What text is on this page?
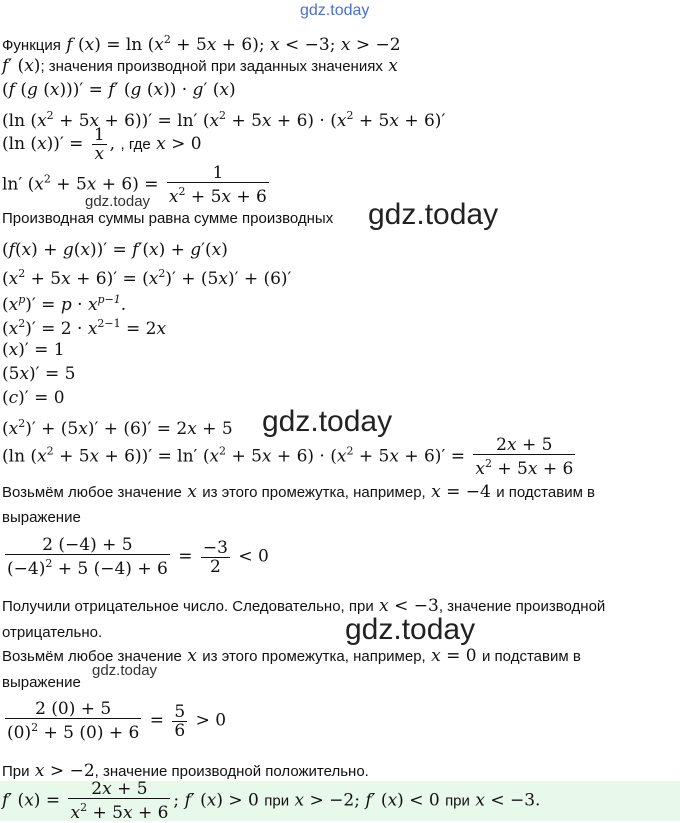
gdz.today
gdz.today
gdz.today
gdz.today
gdz.today
gdz.today
Функция f $(x) = \ln (x^2 + 5x + 6)$; x < −3; x > −2
f′ (x); значения производной при заданных значениях x
(f (g (x)))′ = f′ (g (x)) · g′ (x)
(ln $(x^2 + 5x + 6))' = \ln'$ $(x^2 + 5x + 6) \cdot (x^2 + 5x + 6)'$
(ln $(x))' = \frac{1}{x}$ , , где x > 0
ln′ $(x^2 + 5x + 6) = \frac{1}{x^2 + 5x + 6}$
Производная суммы равна сумме производных
(f(x) + g(x))′ = f′(x) + g′(x)
$(x^2 + 5x + 6)' = (x^2)' + (5x)' + (6)'$
$(x^p)' = p \cdot x^{p-1}$.
$(x^2)' = 2 \cdot x^{2-1} = 2x$
(x)′ = 1
(5x)′ = 5
(c)′ = 0
$(x^2)' + (5x)' + (6)' = 2x + 5$
(ln $(x^2 + 5x + 6))' = \ln'$ $(x^2 + 5x + 6) \cdot (x^2 + 5x + 6)' = \frac{2x + 5}{x^2 + 5x + 6}$
Возьмём любое значение x из этого промежутка, например, x = −4 и подставим в
выражение
$\frac{2 (-4) + 5}{(-4)^2 + 5 (-4) + 6} = \frac{-3}{2} < 0$
Получили отрицательное число. Следовательно, при x < −3, значение производной
отрицательно.
Возьмём любое значение x из этого промежутка, например, x = 0 и подставим в
выражение
$\frac{2 (0) + 5}{(0)^2 + 5 (0) + 6} = \frac{5}{6} > 0$
При x > −2, значение производной положительно.
f′ $(x) = \frac{2x + 5}{x^2 + 5x + 6}$ ; f′ (x) > 0 при x > −2; f′ (x) < 0 при x < −3.
